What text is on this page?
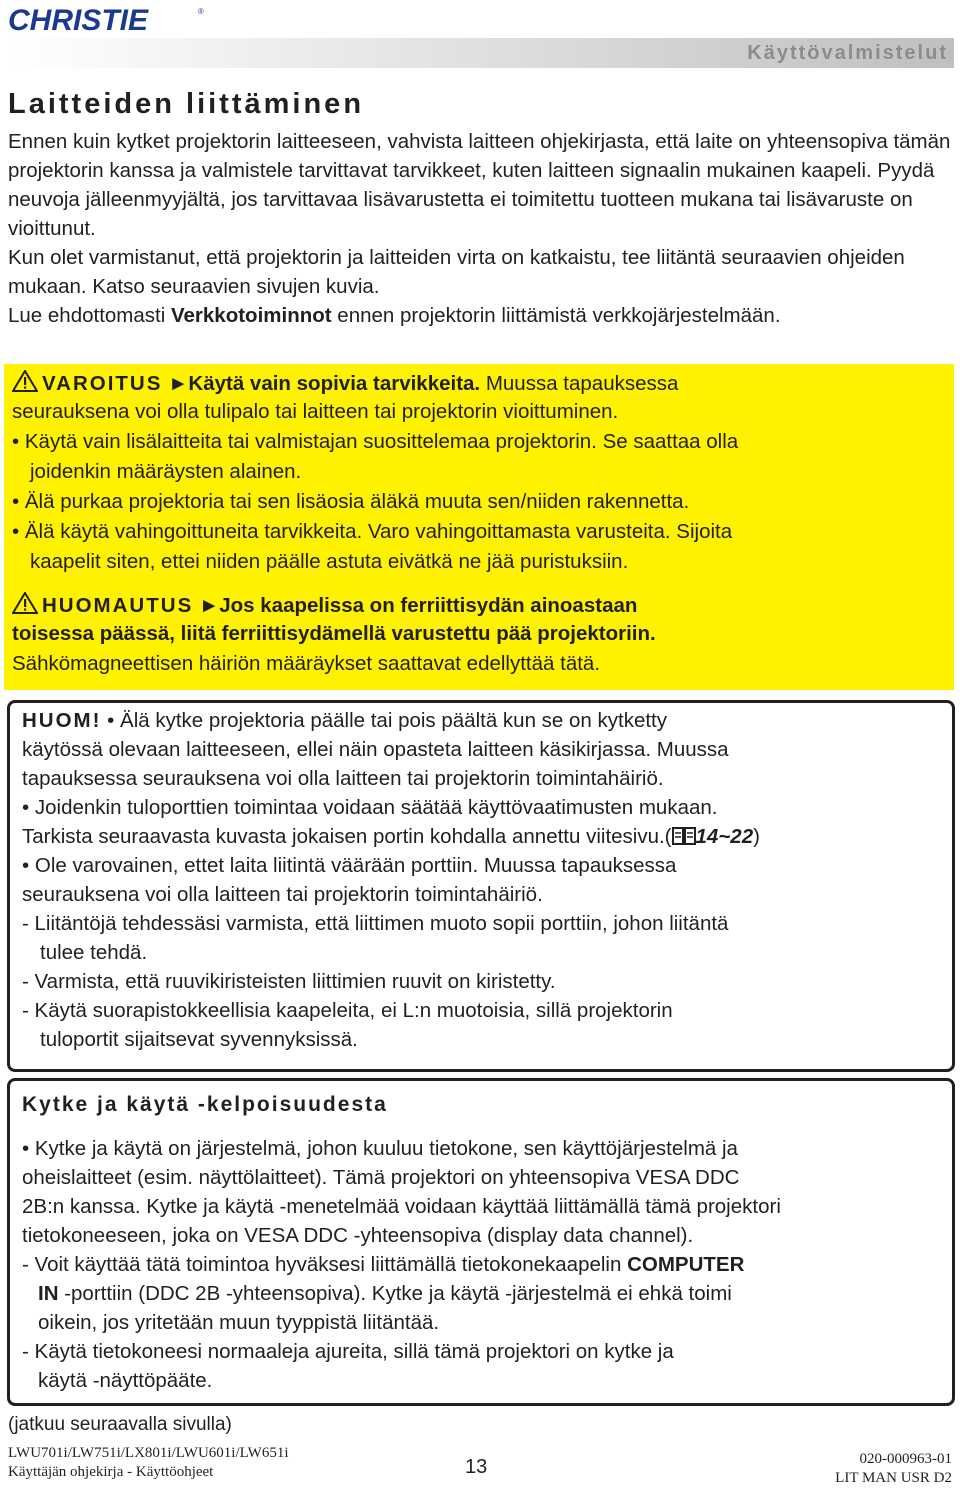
CHRISTIE	®
Käyttövalmistelut
Laitteiden liittäminen

Ennen kuin kytket projektorin laitteeseen, vahvista laitteen ohjekirjasta, että laite on yhteensopiva tämän projektorin kanssa ja valmistele tarvittavat tarvikkeet, kuten laitteen signaalin mukainen kaapeli. Pyydä neuvoja jälleenmyyjältä, jos tarvittavaa lisävarustetta ei toimitettu tuotteen mukana tai lisävaruste on vioittunut.

Kun olet varmistanut, että projektorin ja laitteiden virta on katkaistu, tee liitäntä seuraavien ohjeiden mukaan. Katso seuraavien sivujen kuvia.

Lue ehdottomasti Verkkotoiminnot ennen projektorin liittämistä verkkojärjestelmään.

VAROITUS ►Käytä vain sopivia tarvikkeita. Muussa tapauksessa
seurauksena voi olla tulipalo tai laitteen tai projektorin vioittuminen.
• Käytä vain lisälaitteita tai valmistajan suosittelemaa projektorin. Se saattaa olla
joidenkin määräysten alainen.
• Älä purkaa projektoria tai sen lisäosia äläkä muuta sen/niiden rakennetta.
• Älä käytä vahingoittuneita tarvikkeita. Varo vahingoittamasta varusteita. Sijoita
kaapelit siten, ettei niiden päälle astuta eivätkä ne jää puristuksiin.
HUOMAUTUS ►Jos kaapelissa on ferriittisydän ainoastaan
toisessa päässä, liitä ferriittisydämellä varustettu pää projektoriin.
Sähkömagneettisen häiriön määräykset saattavat edellyttää tätä.
HUOM! • Älä kytke projektoria päälle tai pois päältä kun se on kytketty
käytössä olevaan laitteeseen, ellei näin opasteta laitteen käsikirjassa. Muussa
tapauksessa seurauksena voi olla laitteen tai projektorin toimintahäiriö.
• Joidenkin tuloporttien toimintaa voidaan säätää käyttövaatimusten mukaan.
Tarkista seuraavasta kuvasta jokaisen portin kohdalla annettu viitesivu.( 14~22)
• Ole varovainen, ettet laita liitintä väärään porttiin. Muussa tapauksessa
seurauksena voi olla laitteen tai projektorin toimintahäiriö.
- Liitäntöjä tehdessäsi varmista, että liittimen muoto sopii porttiin, johon liitäntä
tulee tehdä.
- Varmista, että ruuvikiristeisten liittimien ruuvit on kiristetty.
- Käytä suorapistokkeellisia kaapeleita, ei L:n muotoisia, sillä projektorin
tuloportit sijaitsevat syvennyksissä.
Kytke ja käytä -kelpoisuudesta
• Kytke ja käytä on järjestelmä, johon kuuluu tietokone, sen käyttöjärjestelmä ja
oheislaitteet (esim. näyttölaitteet). Tämä projektori on yhteensopiva VESA DDC
2B:n kanssa. Kytke ja käytä -menetelmää voidaan käyttää liittämällä tämä projektori
tietokoneeseen, joka on VESA DDC -yhteensopiva (display data channel).
- Voit käyttää tätä toimintoa hyväksesi liittämällä tietokonekaapelin COMPUTER
IN -porttiin (DDC 2B -yhteensopiva). Kytke ja käytä -järjestelmä ei ehkä toimi
oikein, jos yritetään muun tyyppistä liitäntää.
- Käytä tietokoneesi normaaleja ajureita, sillä tämä projektori on kytke ja
käytä -näyttöpääte.
(jatkuu seuraavalla sivulla)
LWU701i/LW751i/LX801i/LWU601i/LW651i
Käyttäjän ohjekirja - Käyttöohjeet	13	020-000963-01
LIT MAN USR D2
